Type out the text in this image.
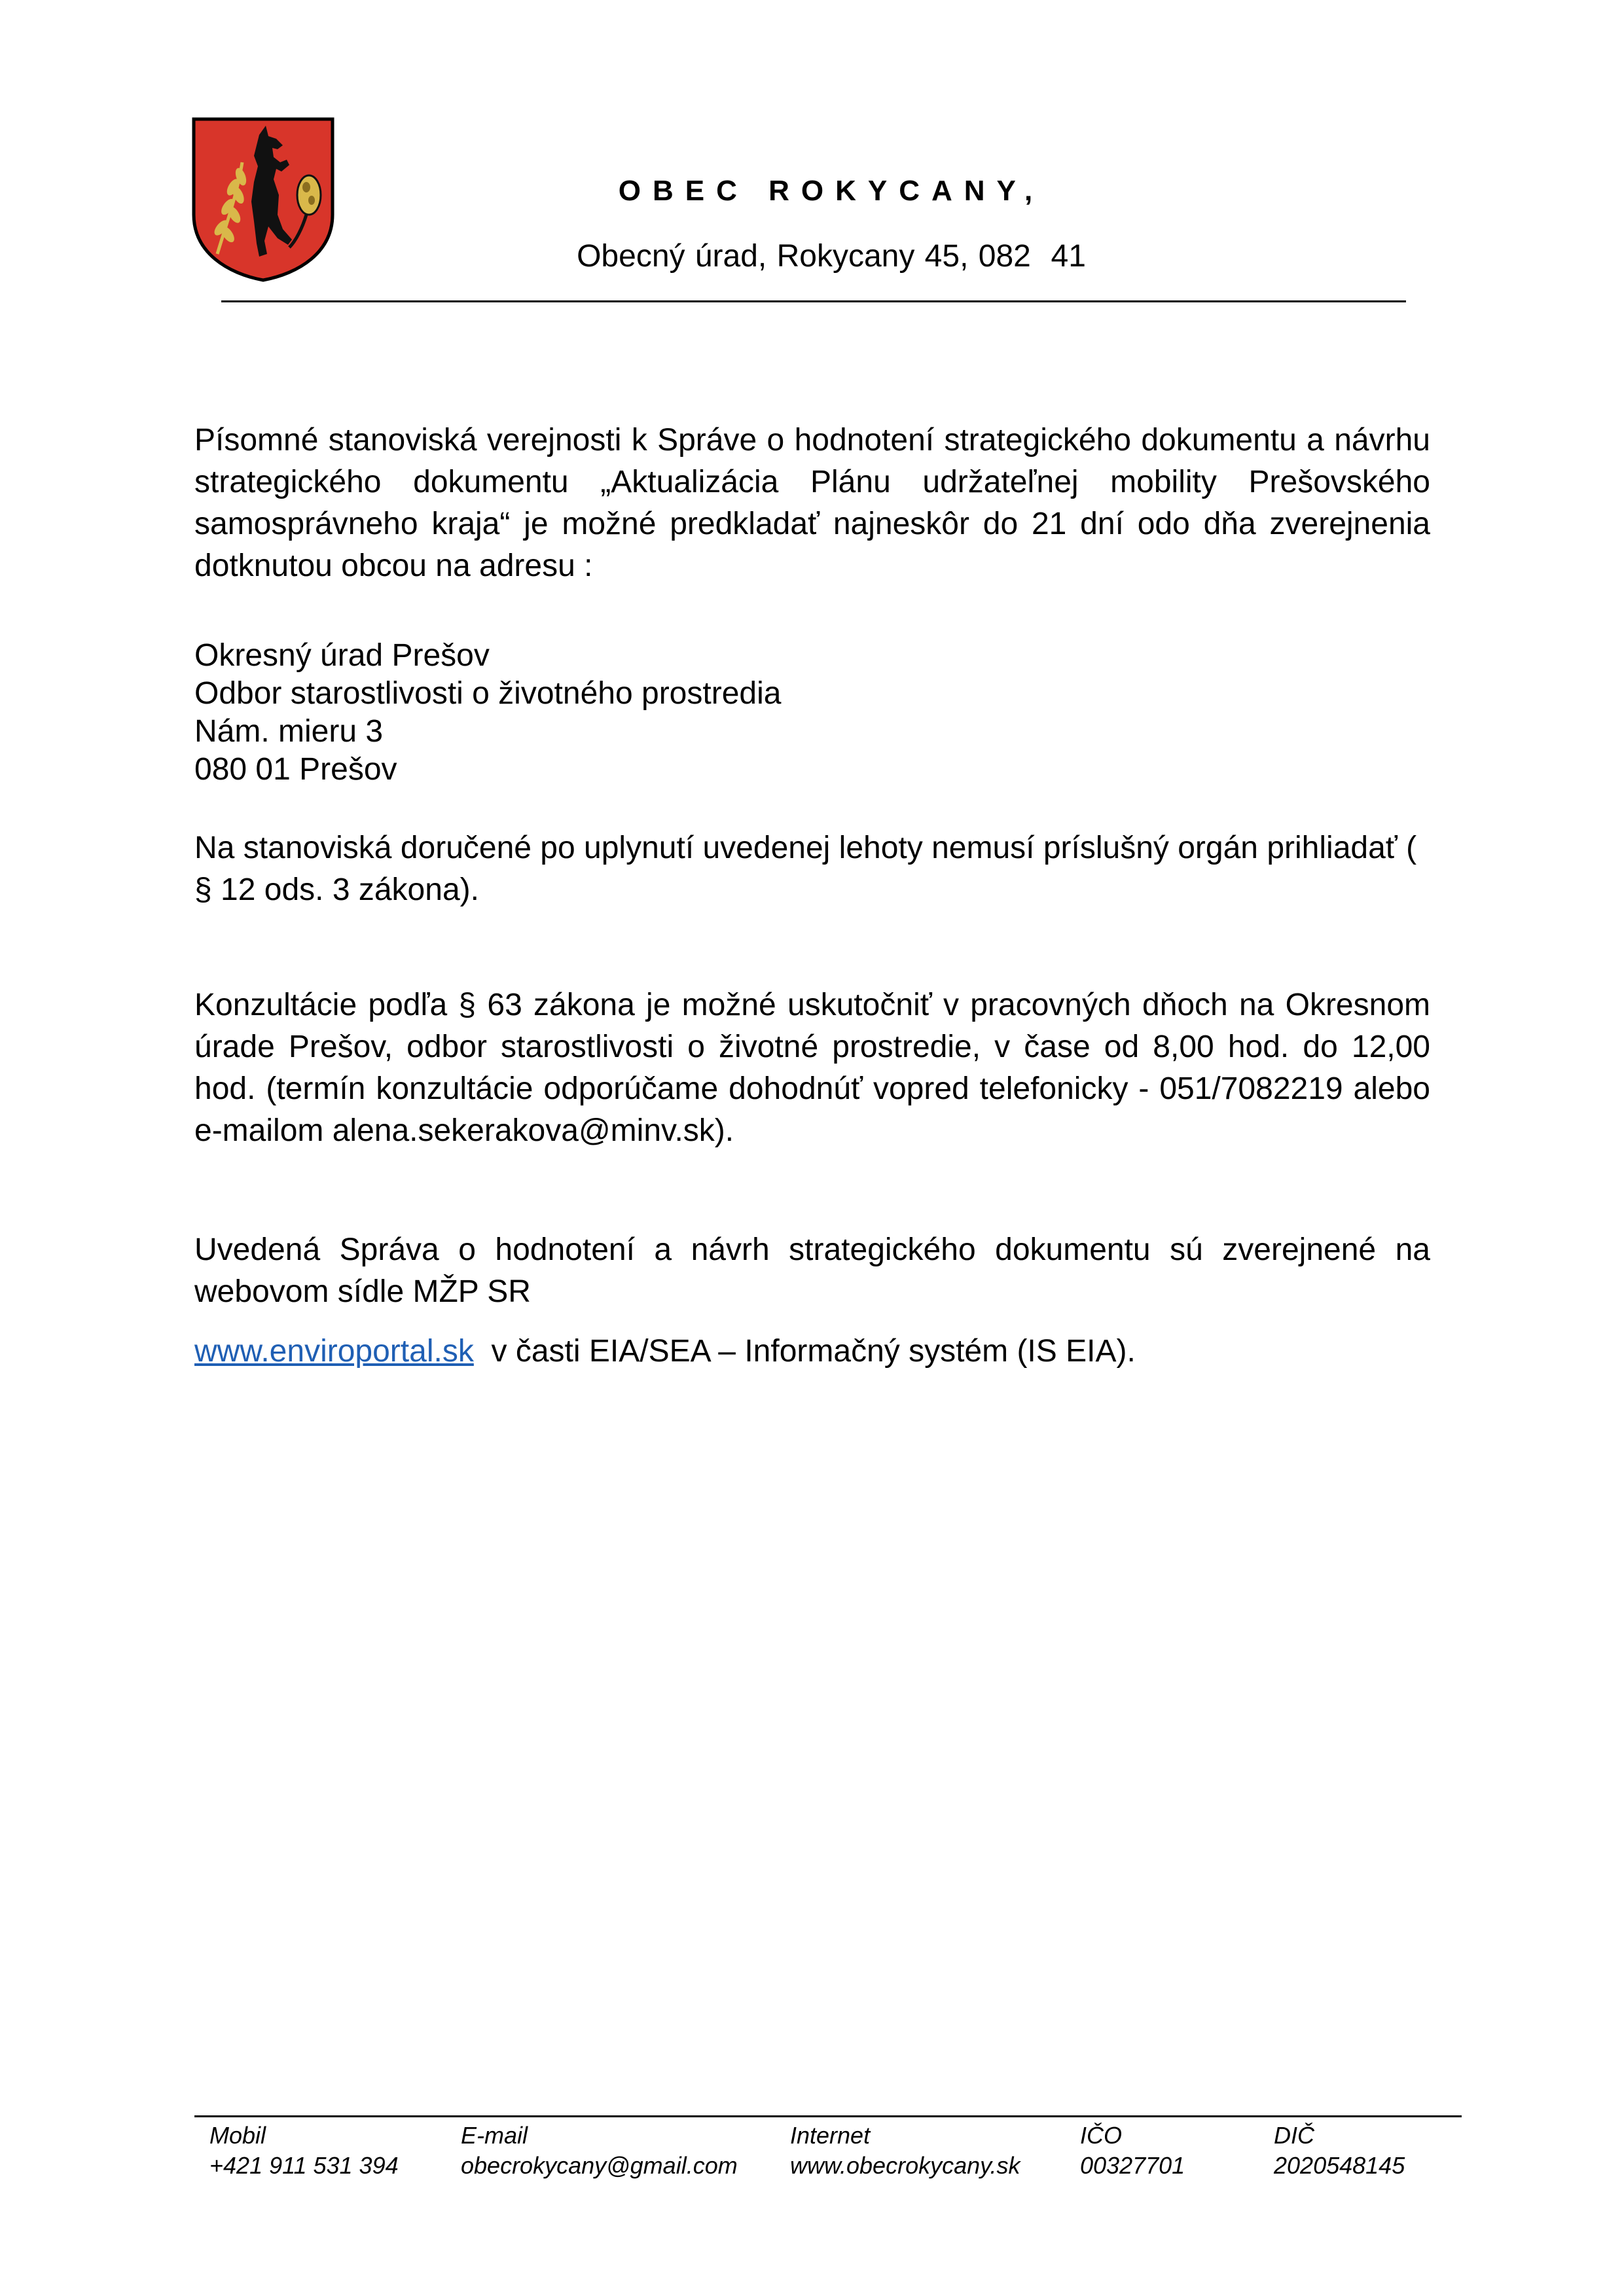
OBEC ROKYCANY,
Obecný úrad, Rokycany 45, 082  41

Písomné stanoviská verejnosti k Správe o hodnotení strategického dokumentu a návrhu strategického dokumentu „Aktualizácia Plánu udržateľnej mobility Prešovského samosprávneho kraja“ je možné predkladať najneskôr do 21 dní odo dňa zverejnenia dotknutou obcou na adresu :

Okresný úrad Prešov
Odbor starostlivosti o životného prostredia
Nám. mieru 3
080 01 Prešov

Na stanoviská doručené po uplynutí uvedenej lehoty nemusí príslušný orgán prihliadať ( § 12 ods. 3 zákona).

Konzultácie podľa § 63 zákona je možné uskutočniť v pracovných dňoch na Okresnom úrade Prešov, odbor starostlivosti o životné prostredie, v čase od 8,00 hod. do 12,00 hod. (termín konzultácie odporúčame dohodnúť vopred telefonicky - 051/7082219 alebo e-mailom alena.sekerakova@minv.sk).

Uvedená Správa o hodnotení a návrh strategického dokumentu sú zverejnené na webovom sídle MŽP SR

www.enviroportal.sk  v časti EIA/SEA – Informačný systém (IS EIA).

Mobil
+421 911 531 394
E-mail
obecrokycany@gmail.com
Internet
www.obecrokycany.sk
IČO
00327701
DIČ
2020548145
